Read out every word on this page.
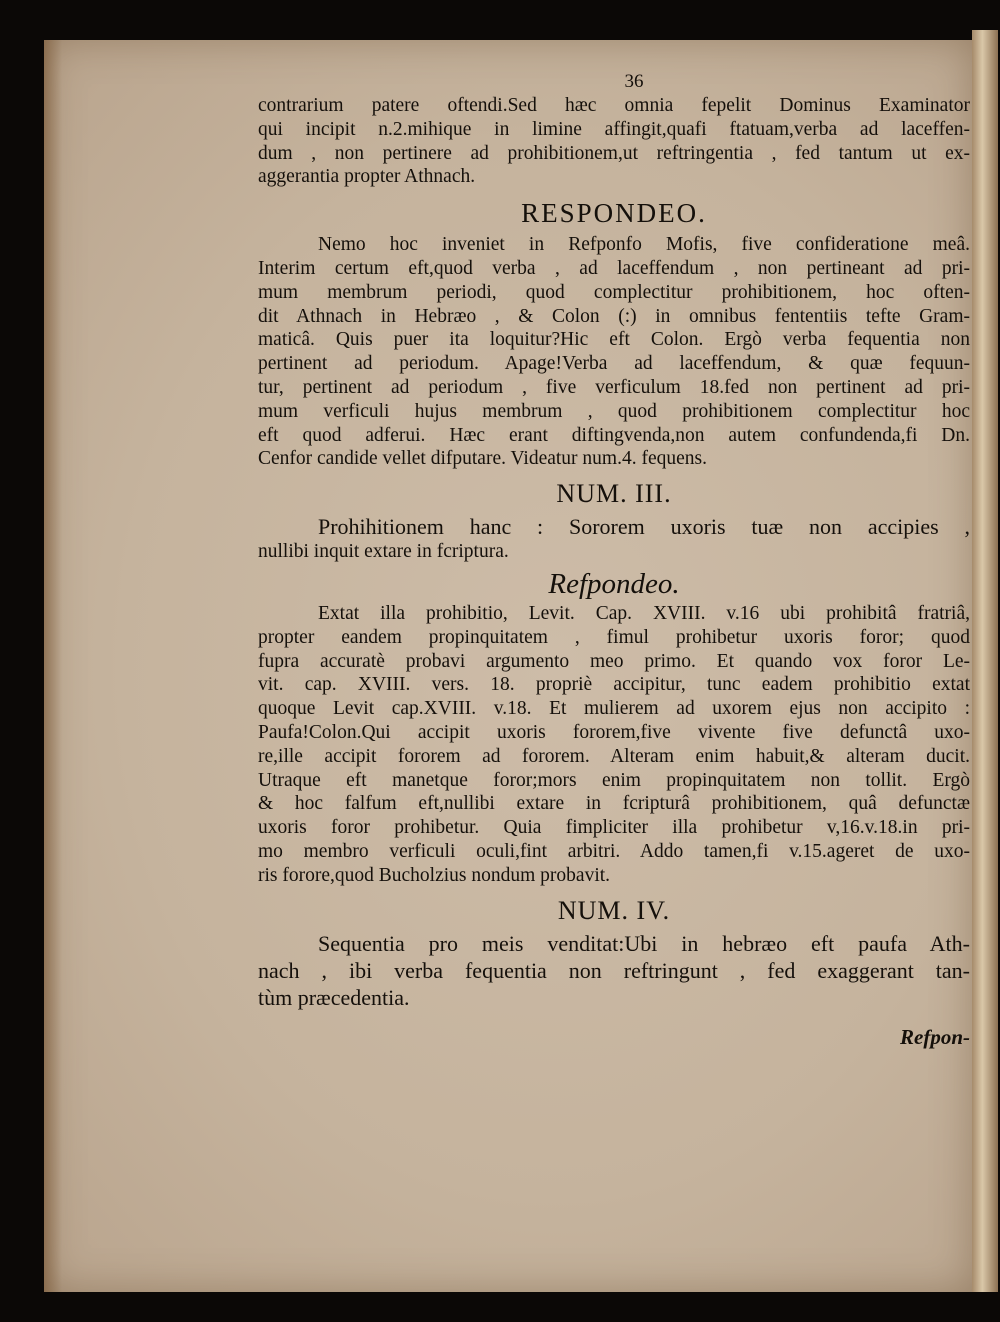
36
contrarium patere oftendi.Sed hæc omnia fepelit Dominus Examinator
qui incipit n.2.mihique in limine affingit,quafi ftatuam,verba ad laceffen-
dum , non pertinere ad prohibitionem,ut reftringentia , fed tantum ut ex-
aggerantia propter Athnach.
RESPONDEO.
Nemo hoc inveniet in Refponfo Mofis, five confideratione meâ.
Interim certum eft,quod verba , ad laceffendum , non pertineant ad pri-
mum membrum periodi, quod complectitur prohibitionem, hoc often-
dit Athnach in Hebræo , & Colon (:) in omnibus fententiis tefte Gram-
maticâ. Quis puer ita loquitur?Hic eft Colon. Ergò verba fequentia non
pertinent ad periodum. Apage!Verba ad laceffendum, & quæ fequun-
tur, pertinent ad periodum , five verficulum 18.fed non pertinent ad pri-
mum verficuli hujus membrum , quod prohibitionem complectitur hoc
eft quod adferui. Hæc erant diftingvenda,non autem confundenda,fi Dn.
Cenfor candide vellet difputare. Videatur num.4. fequens.
NUM. III.
Prohihitionem hanc : Sororem uxoris tuæ non accipies ,
nullibi inquit extare in fcriptura.
Refpondeo.
Extat illa prohibitio, Levit. Cap. XVIII. v.16 ubi prohibitâ fratriâ,
propter eandem propinquitatem , fimul prohibetur uxoris foror; quod
fupra accuratè probavi argumento meo primo. Et quando vox foror Le-
vit. cap. XVIII. vers. 18. propriè accipitur, tunc eadem prohibitio extat
quoque Levit cap.XVIII. v.18. Et mulierem ad uxorem ejus non accipito :
Paufa!Colon.Qui accipit uxoris fororem,five vivente five defunctâ uxo-
re,ille accipit fororem ad fororem. Alteram enim habuit,& alteram ducit.
Utraque eft manetque foror;mors enim propinquitatem non tollit. Ergò
& hoc falfum eft,nullibi extare in fcripturâ prohibitionem, quâ defunctæ
uxoris foror prohibetur. Quia fimpliciter illa prohibetur v,16.v.18.in pri-
mo membro verficuli oculi,fint arbitri. Addo tamen,fi v.15.ageret de uxo-
ris fororе,quod Bucholzius nondum probavit.
NUM. IV.
Sequentia pro meis venditat:Ubi in hebræo eft paufa Ath-
nach , ibi verba fequentia non reftringunt , fed exaggerant tan-
tùm præcedentia.
Refpon-
